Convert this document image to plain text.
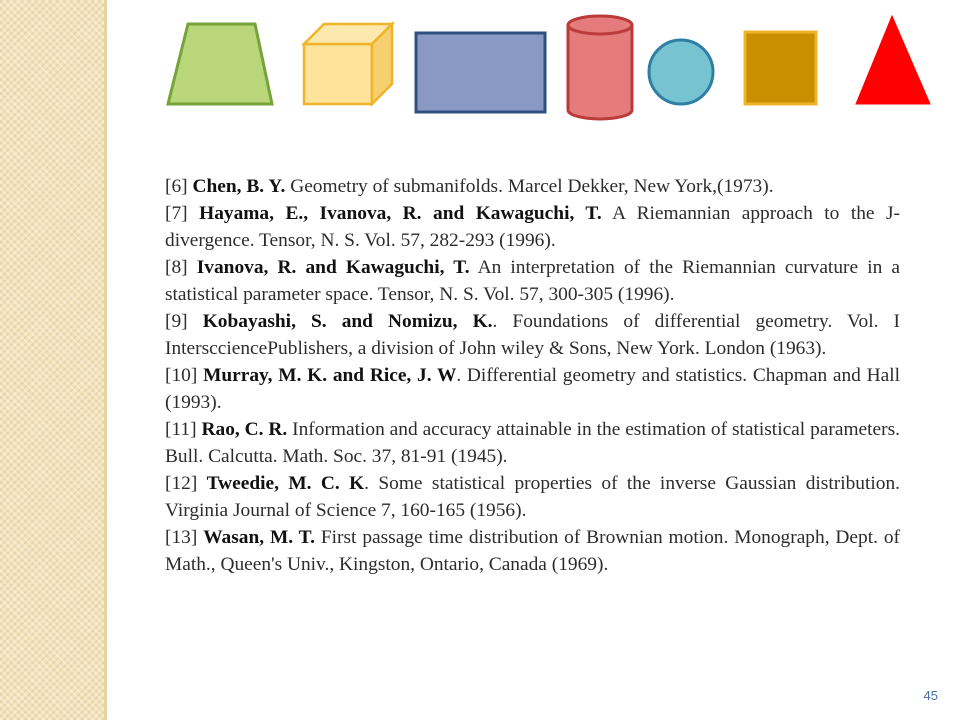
[6] Chen, B. Y. Geometry of submanifolds. Marcel Dekker, New York,(1973).
[7] Hayama, E., Ivanova, R. and Kawaguchi, T. A Riemannian approach to the J-divergence. Tensor, N. S. Vol. 57, 282-293 (1996).
[8] Ivanova, R. and Kawaguchi, T. An interpretation of the Riemannian curvature in a statistical parameter space. Tensor, N. S. Vol. 57, 300-305 (1996).
[9] Kobayashi, S. and Nomizu, K.. Foundations of differential geometry. Vol. I InterscciencePublishers, a division of John wiley & Sons, New York. London (1963).
[10] Murray, M. K. and Rice, J. W. Differential geometry and statistics. Chapman and Hall (1993).
[11] Rao, C. R. Information and accuracy attainable in the estimation of statistical parameters. Bull. Calcutta. Math. Soc. 37, 81-91 (1945).
[12] Tweedie, M. C. K. Some statistical properties of the inverse Gaussian distribution. Virginia Journal of Science 7, 160-165 (1956).
[13] Wasan, M. T. First passage time distribution of Brownian motion. Monograph, Dept. of Math., Queen's Univ., Kingston, Ontario, Canada (1969).
45
